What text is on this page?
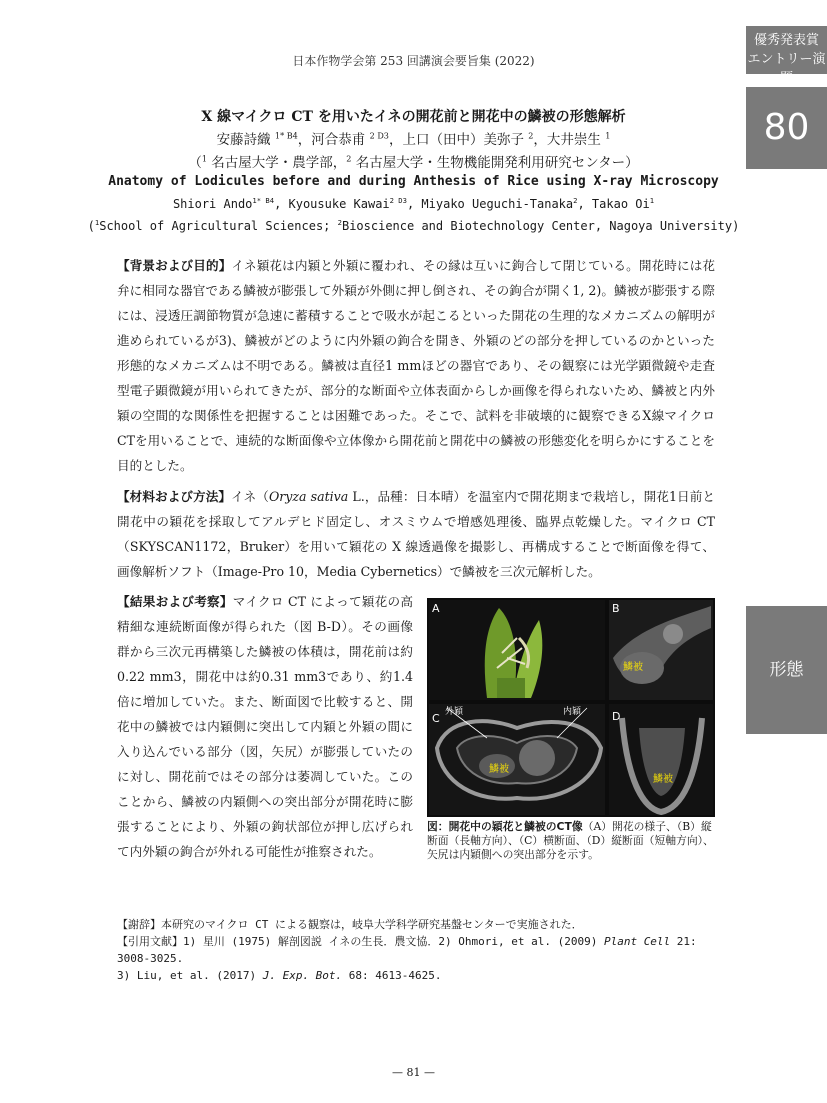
日本作物学会第 253 回講演会要旨集 (2022)
優秀発表賞
エントリー演題
80
形態
X 線マイクロ CT を用いたイネの開花前と開花中の鱗被の形態解析
安藤詩織 $^{1* B4}$，河合恭甫 $^{2 D3}$，上口（田中）美弥子 $^2$，大井崇生 $^1$
（$^1$ 名古屋大学・農学部，$^2$ 名古屋大学・生物機能開発利用研究センター）
Anatomy of Lodicules before and during Anthesis of Rice using X-ray Microscopy
Shiori Ando$^{1* B4}$, Kyousuke Kawai$^{2 D3}$, Miyako Ueguchi-Tanaka$^2$, Takao Oi$^1$
($^1$School of Agricultural Sciences; $^2$Bioscience and Biotechnology Center, Nagoya University)
【背景および目的】イネ穎花は内穎と外穎に覆われ、その縁は互いに鉤合して閉じている。開花時には花弁に相同な器官である鱗被が膨張して外穎が外側に押し倒され、その鉤合が開く1, 2)。鱗被が膨張する際には、浸透圧調節物質が急速に蓄積することで吸水が起こるといった開花の生理的なメカニズムの解明が進められているが3)、鱗被がどのように内外穎の鉤合を開き、外穎のどの部分を押しているのかといった形態的なメカニズムは不明である。鱗被は直径1 mmほどの器官であり、その観察には光学顕微鏡や走査型電子顕微鏡が用いられてきたが、部分的な断面や立体表面からしか画像を得られないため、鱗被と内外穎の空間的な関係性を把握することは困難であった。そこで、試料を非破壊的に観察できるX線マイクロCTを用いることで、連続的な断面像や立体像から開花前と開花中の鱗被の形態変化を明らかにすることを目的とした。
【材料および方法】イネ（Oryza sativa L.，品種：日本晴）を温室内で開花期まで栽培し，開花1日前と開花中の穎花を採取してアルデヒド固定し、オスミウムで増感処理後、臨界点乾燥した。マイクロ CT（SKYSCAN1172，Bruker）を用いて穎花の X 線透過像を撮影し、再構成することで断面像を得て、画像解析ソフト（Image-Pro 10，Media Cybernetics）で鱗被を三次元解析した。
【結果および考察】マイクロ CT によって穎花の高精細な連続断面像が得られた（図 B-D）。その画像群から三次元再構築した鱗被の体積は，開花前は約0.22 mm3，開花中は約0.31 mm3であり、約1.4倍に増加していた。また、断面図で比較すると、開花中の鱗被では内穎側に突出して内穎と外穎の間に入り込んでいる部分（図，矢尻）が膨張していたのに対し、開花前ではその部分は萎凋していた。このことから、鱗被の内穎側への突出部分が開花時に膨張することにより、外穎の鉤状部位が押し広げられて内外穎の鉤合が外れる可能性が推察された。
A	B
C	D
外穎	内穎
鱗被
鱗被
鱗被
図：開花中の穎花と鱗被のCT像（A）開花の様子、（B）縦断面（長軸方向）、（C）横断面、（D）縦断面（短軸方向）、矢尻は内穎側への突出部分を示す。
【謝辞】本研究のマイクロ CT による観察は，岐阜大学科学研究基盤センターで実施された．
【引用文献】1) 星川 (1975) 解剖図説 イネの生長．農文協．2) Ohmori, et al. (2009) Plant Cell 21: 3008-3025.
3) Liu, et al. (2017) J. Exp. Bot. 68: 4613-4625.
— 81 —
